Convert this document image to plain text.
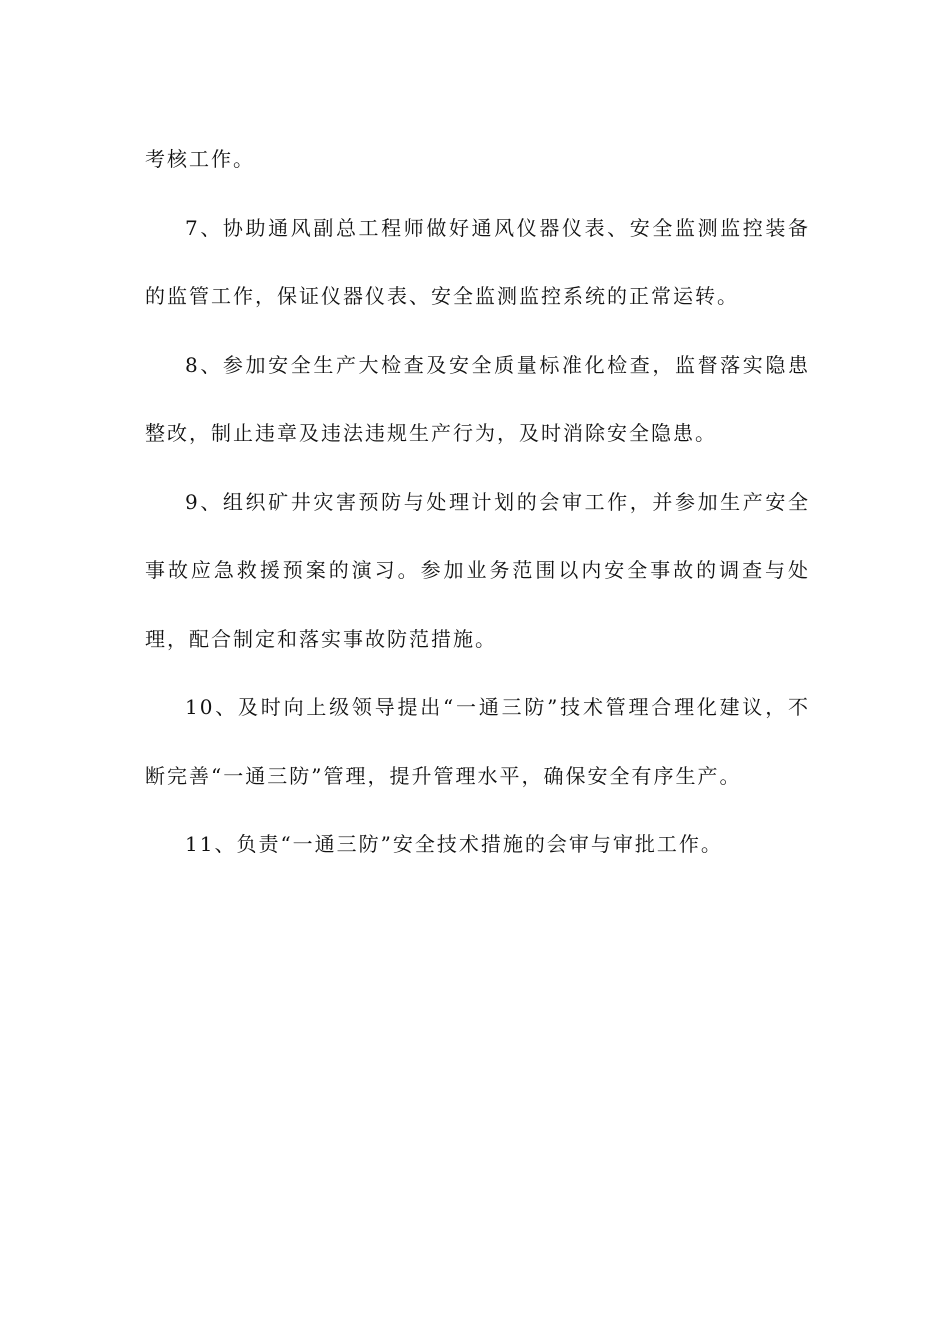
考核工作。

7、协助通风副总工程师做好通风仪器仪表、安全监测监控装备的监管工作，保证仪器仪表、安全监测监控系统的正常运转。

8、参加安全生产大检查及安全质量标准化检查，监督落实隐患整改，制止违章及违法违规生产行为，及时消除安全隐患。

9、组织矿井灾害预防与处理计划的会审工作，并参加生产安全事故应急救援预案的演习。参加业务范围以内安全事故的调查与处理，配合制定和落实事故防范措施。

10、及时向上级领导提出“一通三防”技术管理合理化建议，不断完善“一通三防”管理，提升管理水平，确保安全有序生产。

11、负责“一通三防”安全技术措施的会审与审批工作。
